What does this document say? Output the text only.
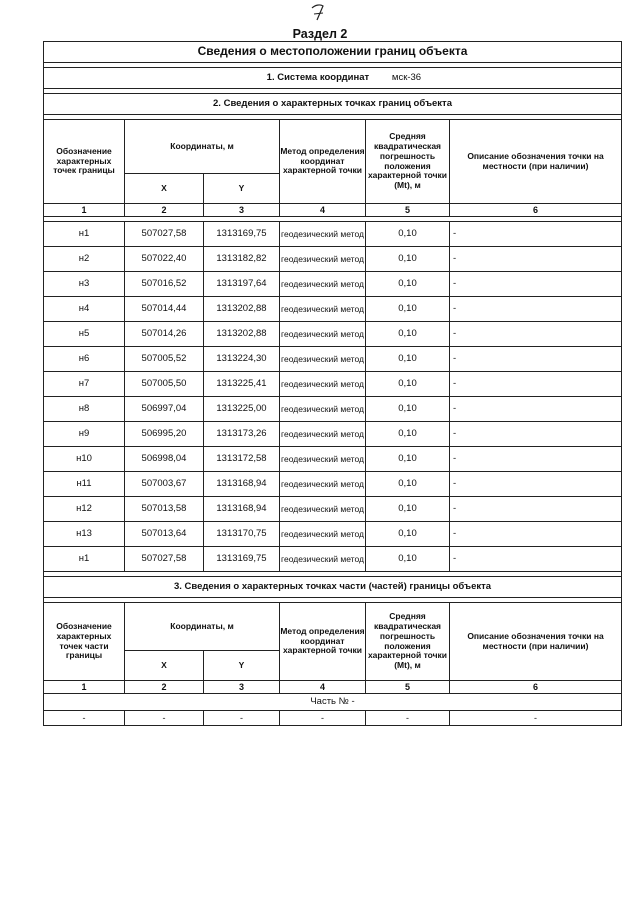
Раздел 2
Сведения о местоположении границ объекта					

1. Система координат мск-36					

2. Сведения о характерных точках границ объекта					

Обозначение характерных точек границы	Координаты, м		Метод определения координат характерной точки	Средняя квадратическая погрешность положения характерной точки (Mt), м	Описание обозначения точки на местности (при наличии)
	X	Y			
1	2	3	4	5	6

н1	507027,58	1313169,75	геодезический метод	0,10	-
н2	507022,40	1313182,82	геодезический метод	0,10	-
н3	507016,52	1313197,64	геодезический метод	0,10	-
н4	507014,44	1313202,88	геодезический метод	0,10	-
н5	507014,26	1313202,88	геодезический метод	0,10	-
н6	507005,52	1313224,30	геодезический метод	0,10	-
н7	507005,50	1313225,41	геодезический метод	0,10	-
н8	506997,04	1313225,00	геодезический метод	0,10	-
н9	506995,20	1313173,26	геодезический метод	0,10	-
н10	506998,04	1313172,58	геодезический метод	0,10	-
н11	507003,67	1313168,94	геодезический метод	0,10	-
н12	507013,58	1313168,94	геодезический метод	0,10	-
н13	507013,64	1313170,75	геодезический метод	0,10	-
н1	507027,58	1313169,75	геодезический метод	0,10	-

3. Сведения о характерных точках части (частей) границы объекта					

Обозначение характерных точек части границы	Координаты, м		Метод определения координат характерной точки	Средняя квадратическая погрешность положения характерной точки (Mt), м	Описание обозначения точки на местности (при наличии)
	X	Y			
1	2	3	4	5	6
Часть № -					
-	-	-	-	-	-
